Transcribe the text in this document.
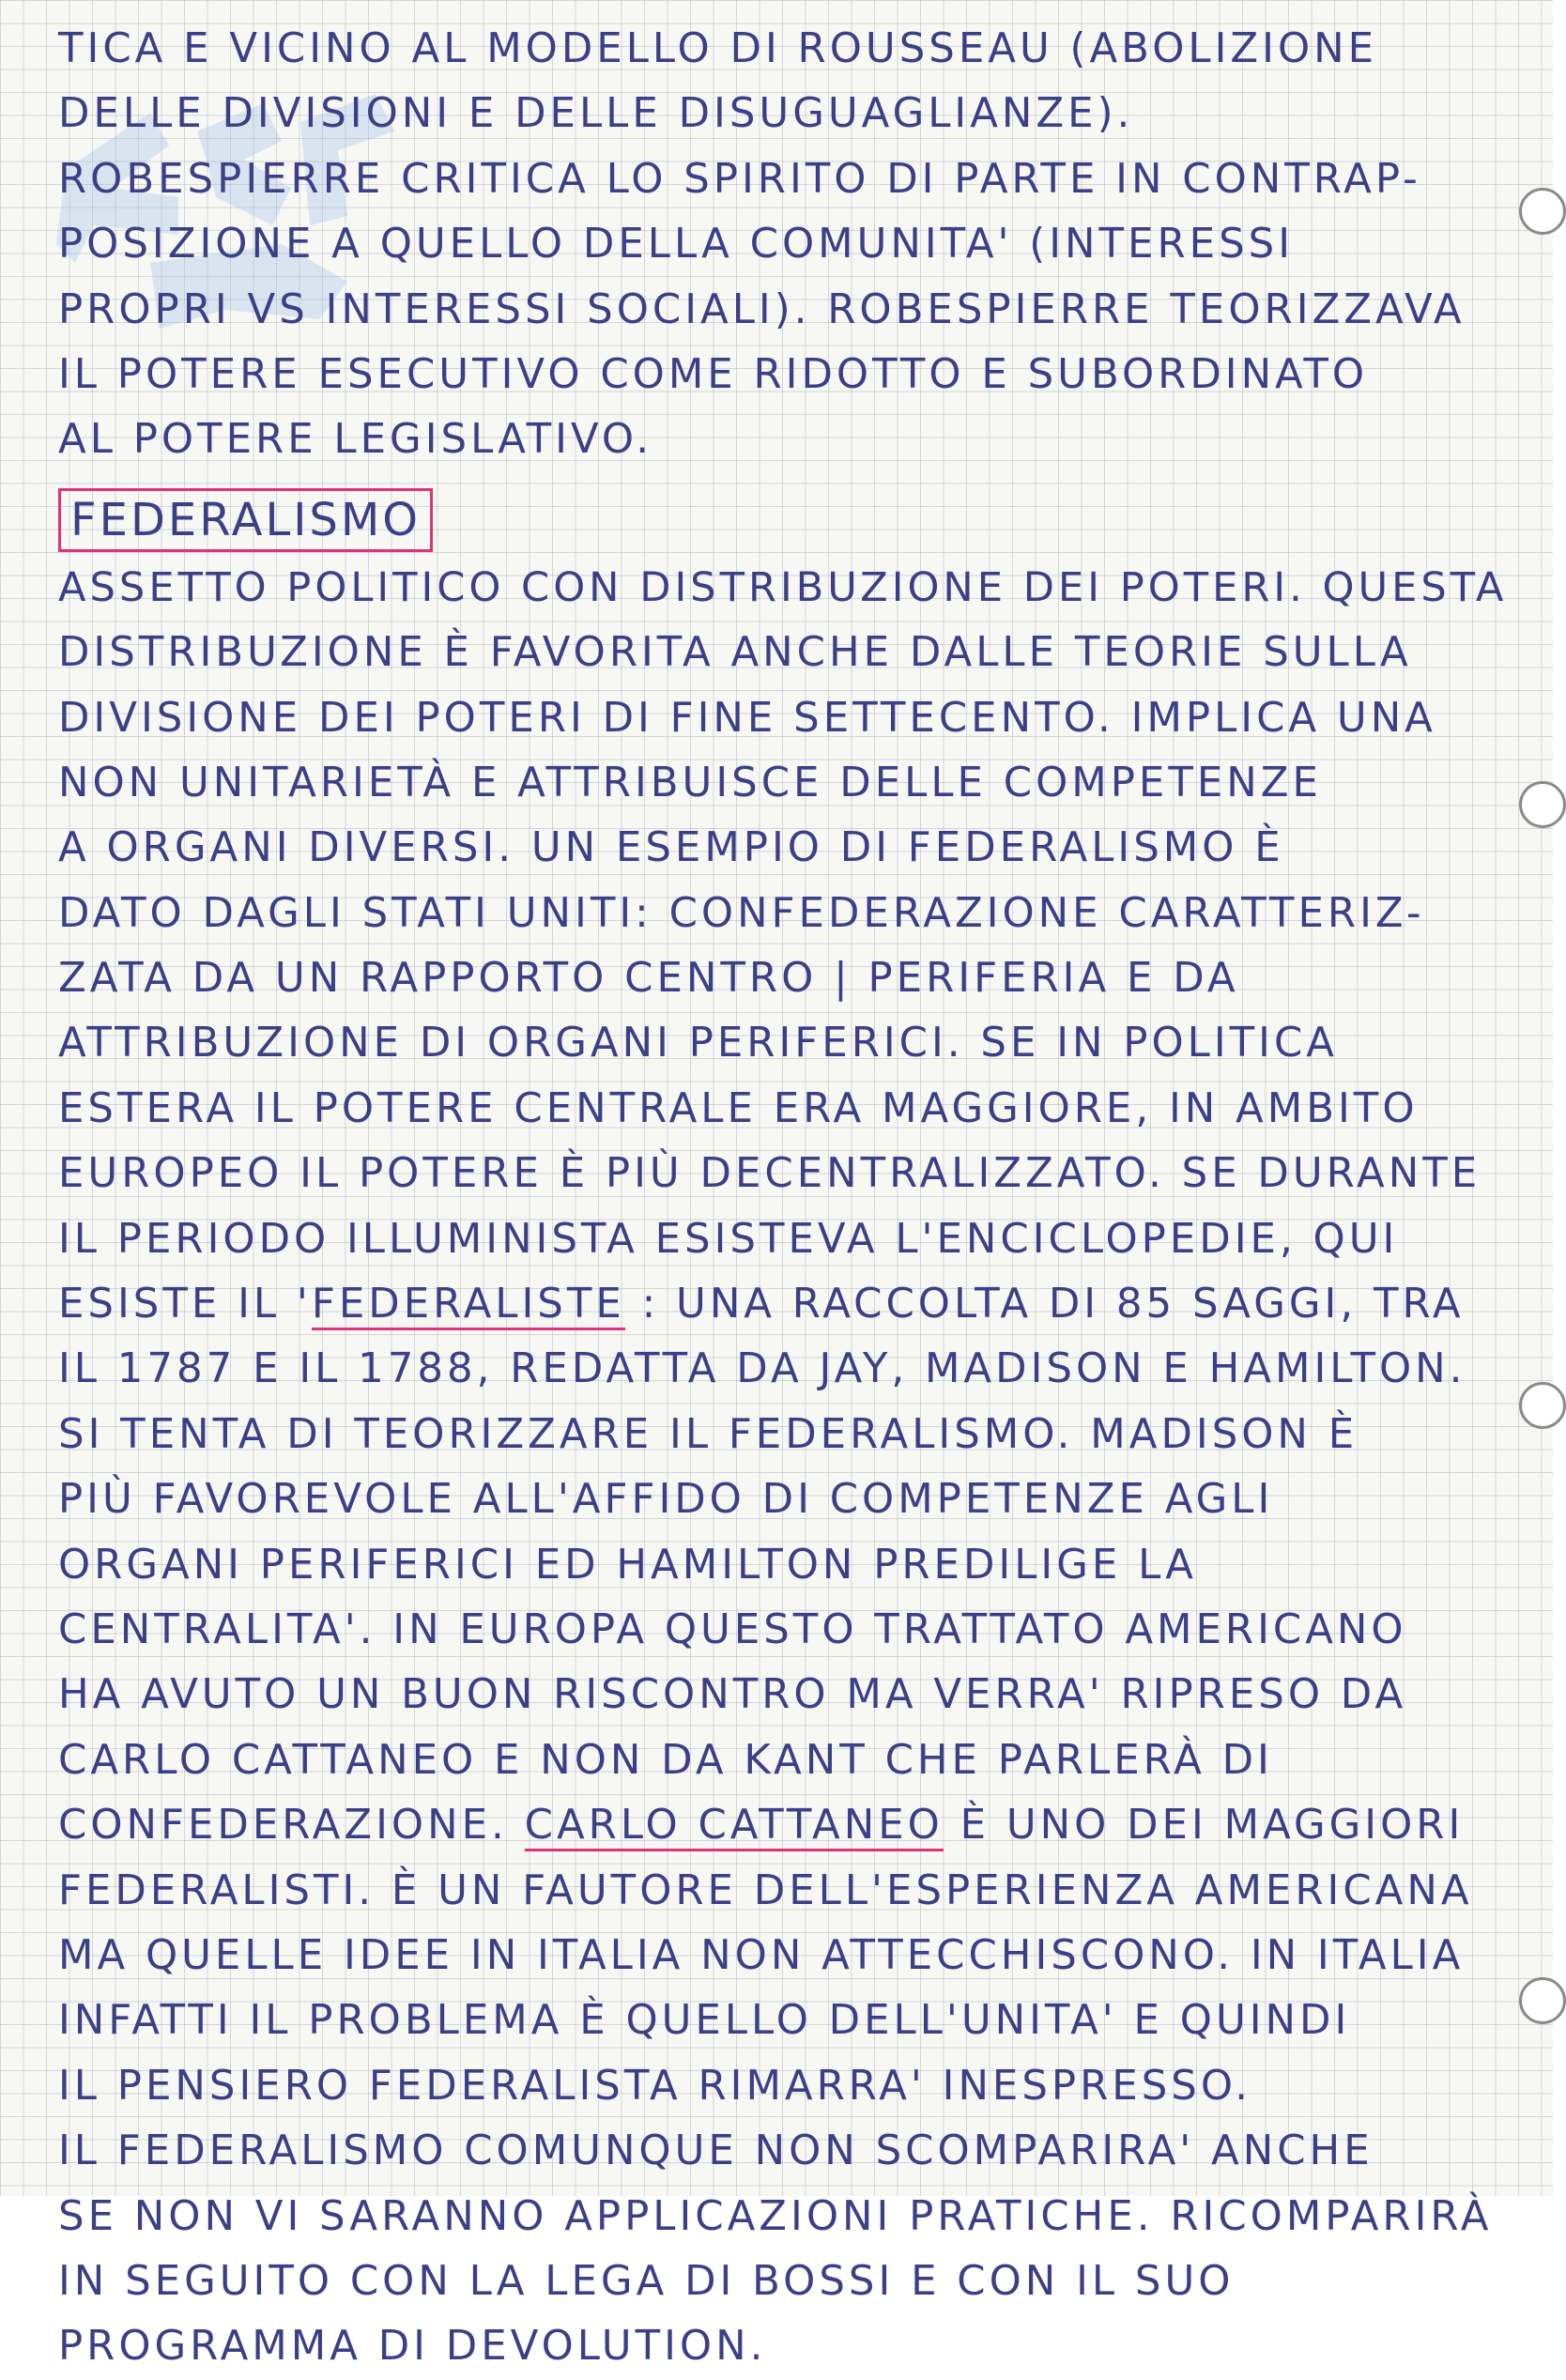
TICA E VICINO AL MODELLO DI ROUSSEAU (ABOLIZIONE
DELLE DIVISIONI E DELLE DISUGUAGLIANZE).
ROBESPIERRE CRITICA LO SPIRITO DI PARTE IN CONTRAP-
POSIZIONE A QUELLO DELLA COMUNITA' (INTERESSI
PROPRI VS INTERESSI SOCIALI). ROBESPIERRE TEORIZZAVA
IL POTERE ESECUTIVO COME RIDOTTO E SUBORDINATO
AL POTERE LEGISLATIVO.
FEDERALISMO
ASSETTO POLITICO CON DISTRIBUZIONE DEI POTERI. QUESTA
DISTRIBUZIONE È FAVORITA ANCHE DALLE TEORIE SULLA
DIVISIONE DEI POTERI DI FINE SETTECENTO. IMPLICA UNA
NON UNITARIETÀ E ATTRIBUISCE DELLE COMPETENZE
A ORGANI DIVERSI. UN ESEMPIO DI FEDERALISMO È
DATO DAGLI STATI UNITI: CONFEDERAZIONE CARATTERIZ-
ZATA DA UN RAPPORTO CENTRO | PERIFERIA E DA
ATTRIBUZIONE DI ORGANI PERIFERICI. SE IN POLITICA
ESTERA IL POTERE CENTRALE ERA MAGGIORE, IN AMBITO
EUROPEO IL POTERE È PIÙ DECENTRALIZZATO. SE DURANTE
IL PERIODO ILLUMINISTA ESISTEVA L'ENCICLOPEDIE, QUI
ESISTE IL 'FEDERALISTE : UNA RACCOLTA DI 85 SAGGI, TRA
IL 1787 E IL 1788, REDATTA DA JAY, MADISON E HAMILTON.
SI TENTA DI TEORIZZARE IL FEDERALISMO. MADISON È
PIÙ FAVOREVOLE ALL'AFFIDO DI COMPETENZE AGLI
ORGANI PERIFERICI ED HAMILTON PREDILIGE LA
CENTRALITA'. IN EUROPA QUESTO TRATTATO AMERICANO
HA AVUTO UN BUON RISCONTRO MA VERRA' RIPRESO DA
CARLO CATTANEO E NON DA KANT CHE PARLERÀ DI
CONFEDERAZIONE. CARLO CATTANEO È UNO DEI MAGGIORI
FEDERALISTI. È UN FAUTORE DELL'ESPERIENZA AMERICANA
MA QUELLE IDEE IN ITALIA NON ATTECCHISCONO. IN ITALIA
INFATTI IL PROBLEMA È QUELLO DELL'UNITA' E QUINDI
IL PENSIERO FEDERALISTA RIMARRA' INESPRESSO.
IL FEDERALISMO COMUNQUE NON SCOMPARIRA' ANCHE
SE NON VI SARANNO APPLICAZIONI PRATICHE. RICOMPARIRÀ
IN SEGUITO CON LA LEGA DI BOSSI E CON IL SUO
PROGRAMMA DI DEVOLUTION.
